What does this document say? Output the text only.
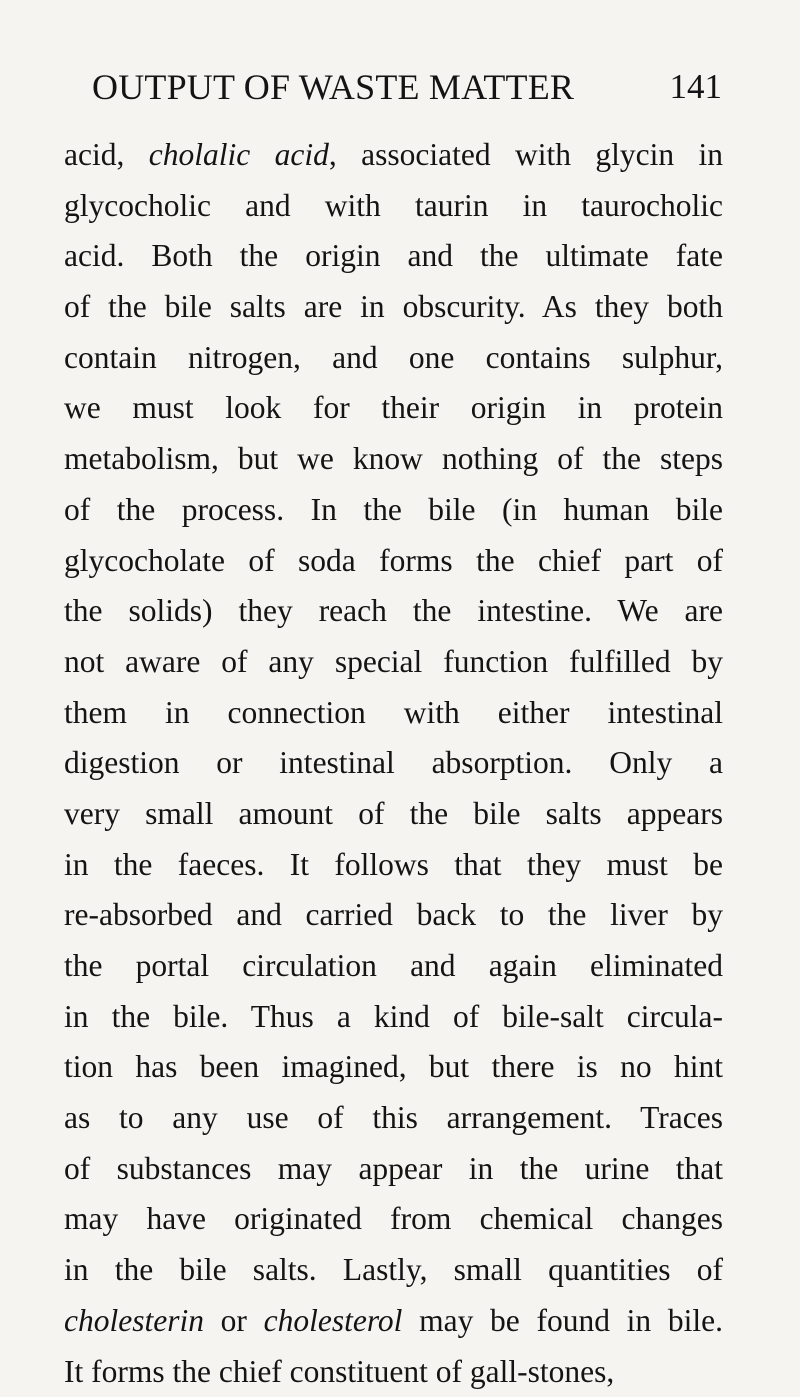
OUTPUT OF WASTE MATTER	141
acid, cholalic acid, associated with glycin in
glycocholic and with taurin in taurocholic
acid. Both the origin and the ultimate fate
of the bile salts are in obscurity. As they both
contain nitrogen, and one contains sulphur,
we must look for their origin in protein
metabolism, but we know nothing of the steps
of the process. In the bile (in human bile
glycocholate of soda forms the chief part of
the solids) they reach the intestine. We are
not aware of any special function fulfilled by
them in connection with either intestinal
digestion or intestinal absorption. Only a
very small amount of the bile salts appears
in the faeces. It follows that they must be
re-absorbed and carried back to the liver by
the portal circulation and again eliminated
in the bile. Thus a kind of bile-salt circula-
tion has been imagined, but there is no hint
as to any use of this arrangement. Traces
of substances may appear in the urine that
may have originated from chemical changes
in the bile salts. Lastly, small quantities of
cholesterin or cholesterol may be found in bile.
It forms the chief constituent of gall-stones,
